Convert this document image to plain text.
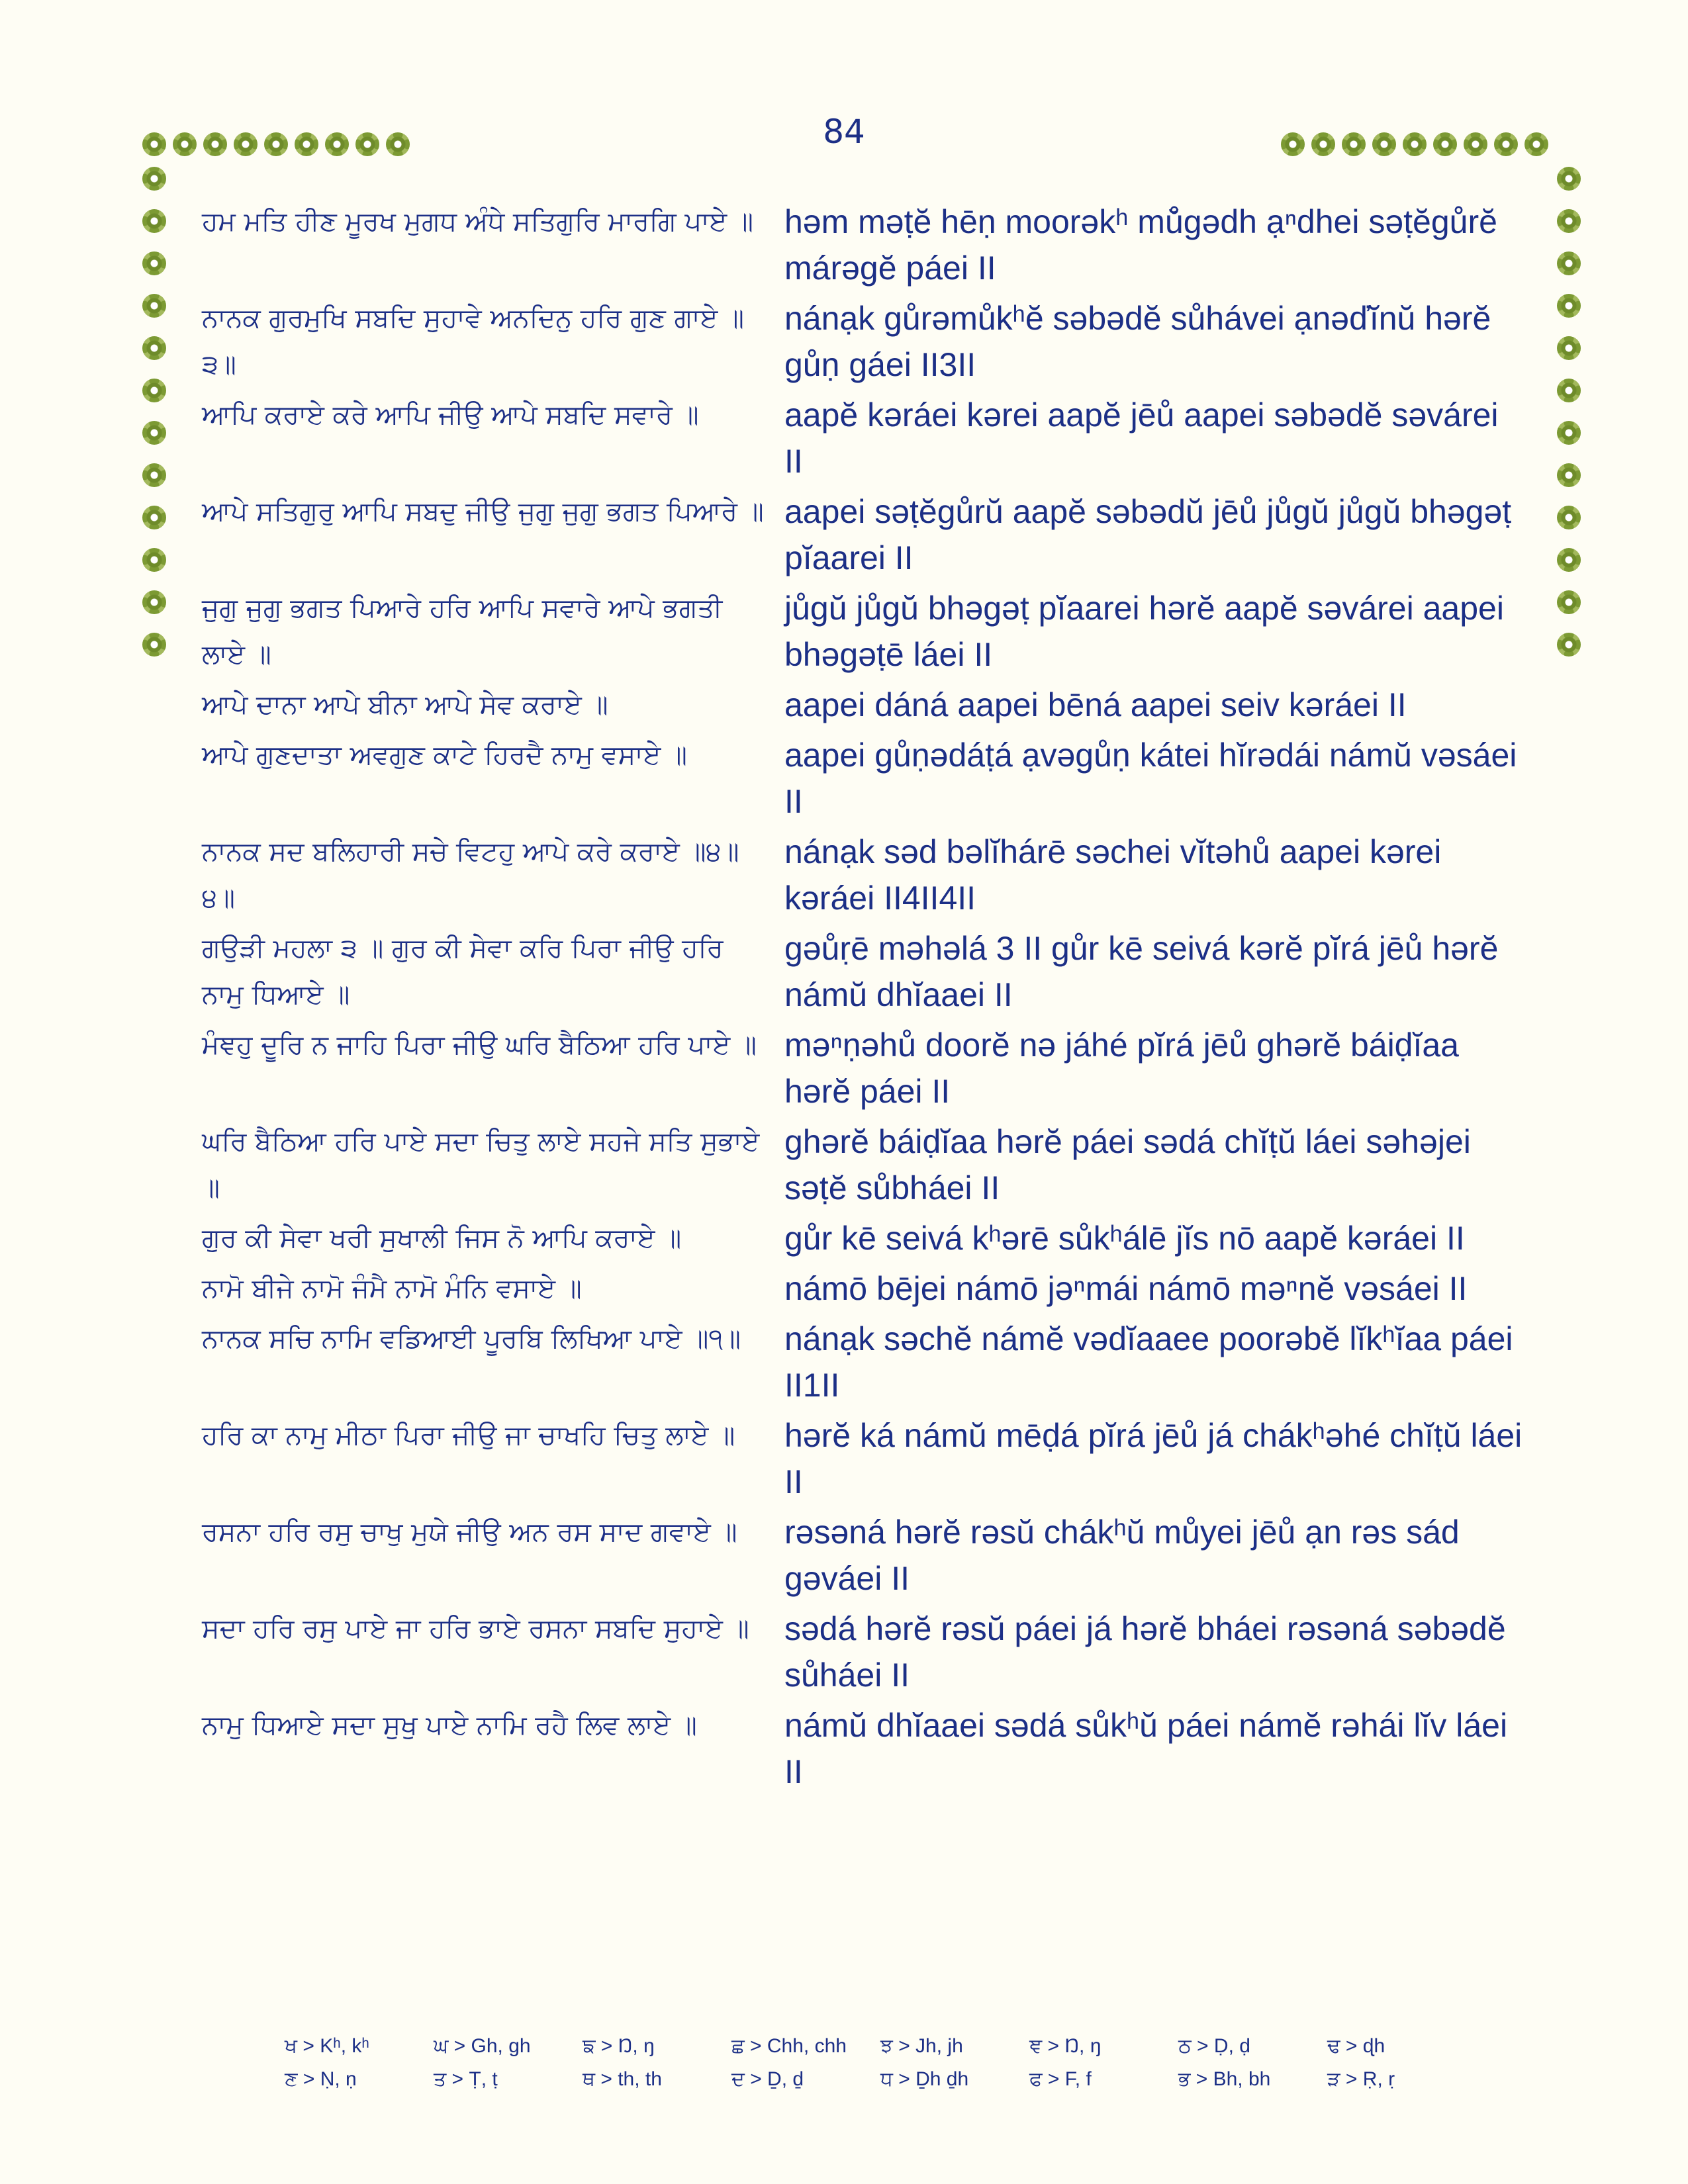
84
ਹਮ ਮਤਿ ਹੀਣ ਮੂਰਖ ਮੁਗਧ ਅੰਧੇ ਸਤਿਗੁਰਿ ਮਾਰਗਿ ਪਾਏ ॥ həm məṭĕ hēṇ moorəkʰ mů̆gədh ạⁿdhei səṭĕgůrĕ márəgĕ páei II
ਨਾਨਕ ਗੁਰਮੁਖਿ ਸਬਦਿ ਸੁਹਾਵੇ ਅਨਦਿਨੁ ਹਰਿ ਗੁਣ ਗਾਏ ॥੩॥
nánạk gůrəmůkʰĕ səbədĕ sůhávei ạnəďĭnŭ hərĕ gůṇ gáei II3II
ਆਪਿ ਕਰਾਏ ਕਰੇ ਆਪਿ ਜੀਉ ਆਪੇ ਸਬਦਿ ਸਵਾਰੇ ॥	aapĕ kəráei kərei aapĕ jēů aapei səbədĕ səvárei II
ਆਪੇ ਸਤਿਗੁਰੁ ਆਪਿ ਸਬਦੁ ਜੀਉ ਜੁਗੁ ਜੁਗੁ ਭਗਤ ਪਿਆਰੇ ॥ aapei səṭĕgůrŭ aapĕ səbədŭ jēů jůgŭ jůgŭ bhəgəṭ pĭaarei II
ਜੁਗੁ ਜੁਗੁ ਭਗਤ ਪਿਆਰੇ ਹਰਿ ਆਪਿ ਸਵਾਰੇ ਆਪੇ ਭਗਤੀ ਲਾਏ ॥
jůgŭ jůgŭ bhəgəṭ pĭaarei hərĕ aapĕ səvárei aapei bhəgəṭē láei II
ਆਪੇ ਦਾਨਾ ਆਪੇ ਬੀਨਾ ਆਪੇ ਸੇਵ ਕਰਾਏ ॥	aapei dáná aapei bēná aapei seiv kəráei II
ਆਪੇ ਗੁਣਦਾਤਾ ਅਵਗੁਣ ਕਾਟੇ ਹਿਰਦੈ ਨਾਮੁ ਵਸਾਏ ॥	aapei gůṇədáṭá ạvəgůṇ kátei hĭrədái námŭ vəsáei II
ਨਾਨਕ ਸਦ ਬਲਿਹਾਰੀ ਸਚੇ ਵਿਟਹੁ ਆਪੇ ਕਰੇ ਕਰਾਏ ॥੪॥੪॥
nánạk səd bəlĭhárē səchei vĭtəhů aapei kərei kəráei II4II4II
ਗਉੜੀ ਮਹਲਾ ੩ ॥ ਗੁਰ ਕੀ ਸੇਵਾ ਕਰਿ ਪਿਰਾ ਜੀਉ ਹਰਿ ਨਾਮੁ ਧਿਆਏ ॥
gəůṛē məhəlá 3 II gůr kē seivá kərĕ pĭrá jēů hərĕ námŭ dhĭaaei II
ਮੰਞਹੁ ਦੂਰਿ ਨ ਜਾਹਿ ਪਿਰਾ ਜੀਉ ਘਰਿ ਬੈਠਿਆ ਹਰਿ ਪਾਏ ॥ məⁿṇəhů doorĕ nə jáhé pĭrá jēů ghərĕ báiḍĭaa hərĕ páei II
ਘਰਿ ਬੈਠਿਆ ਹਰਿ ਪਾਏ ਸਦਾ ਚਿਤੁ ਲਾਏ ਸਹਜੇ ਸਤਿ ਸੁਭਾਏ ॥
ghərĕ báiḍĭaa hərĕ páei sədá chĭṭŭ láei səhəjei səṭĕ sůbháei II
ਗੁਰ ਕੀ ਸੇਵਾ ਖਰੀ ਸੁਖਾਲੀ ਜਿਸ ਨੋ ਆਪਿ ਕਰਾਏ ॥	gůr kē seivá kʰərē sůkʰálē jĭs nō aapĕ kəráei II
ਨਾਮੋ ਬੀਜੇ ਨਾਮੋ ਜੰਮੈ ਨਾਮੋ ਮੰਨਿ ਵਸਾਏ ॥	námō bējei námō jəⁿmái námō məⁿnĕ vəsáei II
ਨਾਨਕ ਸਚਿ ਨਾਮਿ ਵਡਿਆਈ ਪੂਰਬਿ ਲਿਖਿਆ ਪਾਏ ॥੧॥	nánạk səchĕ námĕ vədĭaaee poorəbĕ lĭkʰĭaa páei II1II
ਹਰਿ ਕਾ ਨਾਮੁ ਮੀਠਾ ਪਿਰਾ ਜੀਉ ਜਾ ਚਾਖਹਿ ਚਿਤੁ ਲਾਏ ॥	hərĕ ká námŭ mēḍá pĭrá jēů já chákʰəhé chĭṭŭ láei II
ਰਸਨਾ ਹਰਿ ਰਸੁ ਚਾਖੁ ਮੁਯੇ ਜੀਉ ਅਨ ਰਸ ਸਾਦ ਗਵਾਏ ॥	rəsəná hərĕ rəsŭ chákʰŭ můyei jēů ạn rəs sád gəváei II
ਸਦਾ ਹਰਿ ਰਸੁ ਪਾਏ ਜਾ ਹਰਿ ਭਾਏ ਰਸਨਾ ਸਬਦਿ ਸੁਹਾਏ ॥	sədá hərĕ rəsŭ páei já hərĕ bháei rəsəná səbədĕ sůháei II
ਨਾਮੁ ਧਿਆਏ ਸਦਾ ਸੁਖੁ ਪਾਏ ਨਾਮਿ ਰਹੈ ਲਿਵ ਲਾਏ ॥	námŭ dhĭaaei sədá sůkʰŭ páei námĕ rəhái lĭv láei II
ਖ > Kʰ, kʰ	ਘ > Gh, gh	ਙ > Ŋ, ŋ	ਛ > Chh, chh	ਝ > Jh, jh	ਞ > Ŋ, ŋ	ਠ > Ḍ, ḍ	ਢ > ɖh
ਣ > Ṇ, ṇ	ਤ > Ṭ, ṭ	ਥ > th, th	ਦ > Ḏ, ḏ	ਧ > Ḏh ḏh	ਫ > F, f	ਭ > Bh, bh	ੜ > Ṛ, ṛ
